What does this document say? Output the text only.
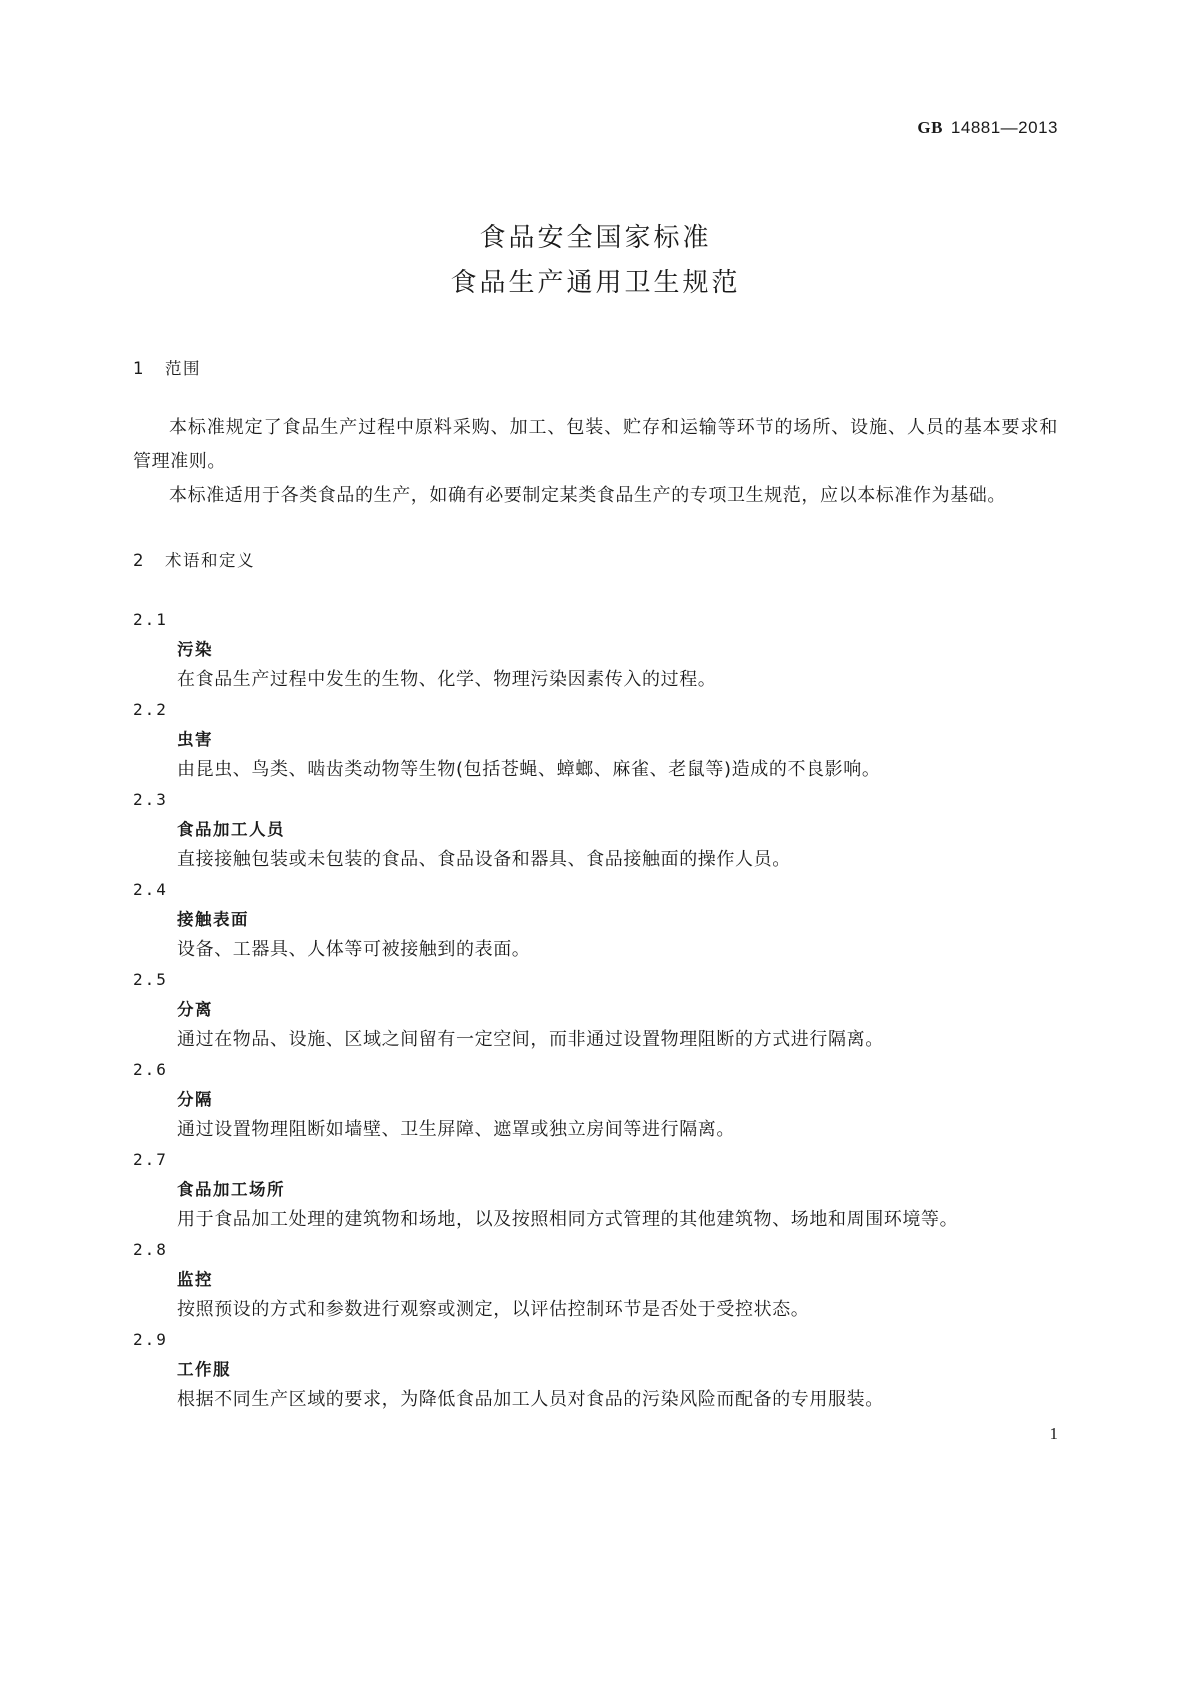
GB 14881—2013
食品安全国家标准
食品生产通用卫生规范
1 范围
本标准规定了食品生产过程中原料采购、加工、包装、贮存和运输等环节的场所、设施、人员的基本要求和管理准则。
本标准适用于各类食品的生产，如确有必要制定某类食品生产的专项卫生规范，应以本标准作为基础。
2 术语和定义
2.1
污染
在食品生产过程中发生的生物、化学、物理污染因素传入的过程。
2.2
虫害
由昆虫、鸟类、啮齿类动物等生物(包括苍蝇、蟑螂、麻雀、老鼠等)造成的不良影响。
2.3
食品加工人员
直接接触包装或未包装的食品、食品设备和器具、食品接触面的操作人员。
2.4
接触表面
设备、工器具、人体等可被接触到的表面。
2.5
分离
通过在物品、设施、区域之间留有一定空间，而非通过设置物理阻断的方式进行隔离。
2.6
分隔
通过设置物理阻断如墙壁、卫生屏障、遮罩或独立房间等进行隔离。
2.7
食品加工场所
用于食品加工处理的建筑物和场地，以及按照相同方式管理的其他建筑物、场地和周围环境等。
2.8
监控
按照预设的方式和参数进行观察或测定，以评估控制环节是否处于受控状态。
2.9
工作服
根据不同生产区域的要求，为降低食品加工人员对食品的污染风险而配备的专用服装。
1
